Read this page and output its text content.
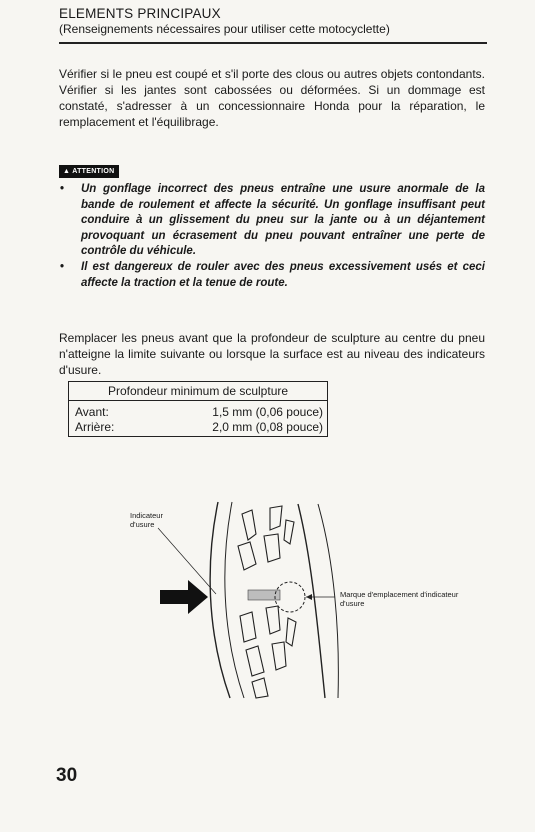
ELEMENTS PRINCIPAUX
(Renseignements nécessaires pour utiliser cette motocyclette)
Vérifier si le pneu est coupé et s'il porte des clous ou autres objets contondants. Vérifier si les jantes sont cabossées ou déformées. Si un dommage est constaté, s'adresser à un concessionnaire Honda pour la réparation, le remplacement et l'équilibrage.
▲ ATTENTION
• Un gonflage incorrect des pneus entraîne une usure anormale de la bande de roulement et affecte la sécurité. Un gonflage insuffisant peut conduire à un glissement du pneu sur la jante ou à un déjantement provoquant un écrasement du pneu pouvant entraîner une perte de contrôle du véhicule.
• Il est dangereux de rouler avec des pneus excessivement usés et ceci affecte la traction et la tenue de route.
Remplacer les pneus avant que la profondeur de sculpture au centre du pneu n'atteigne la limite suivante ou lorsque la surface est au niveau des indicateurs d'usure.
Profondeur minimum de sculpture
Avant:	1,5 mm (0,06 pouce)
Arrière:	2,0 mm (0,08 pouce)
Indicateur d'usure
Marque d'emplacement d'indicateur d'usure
30
